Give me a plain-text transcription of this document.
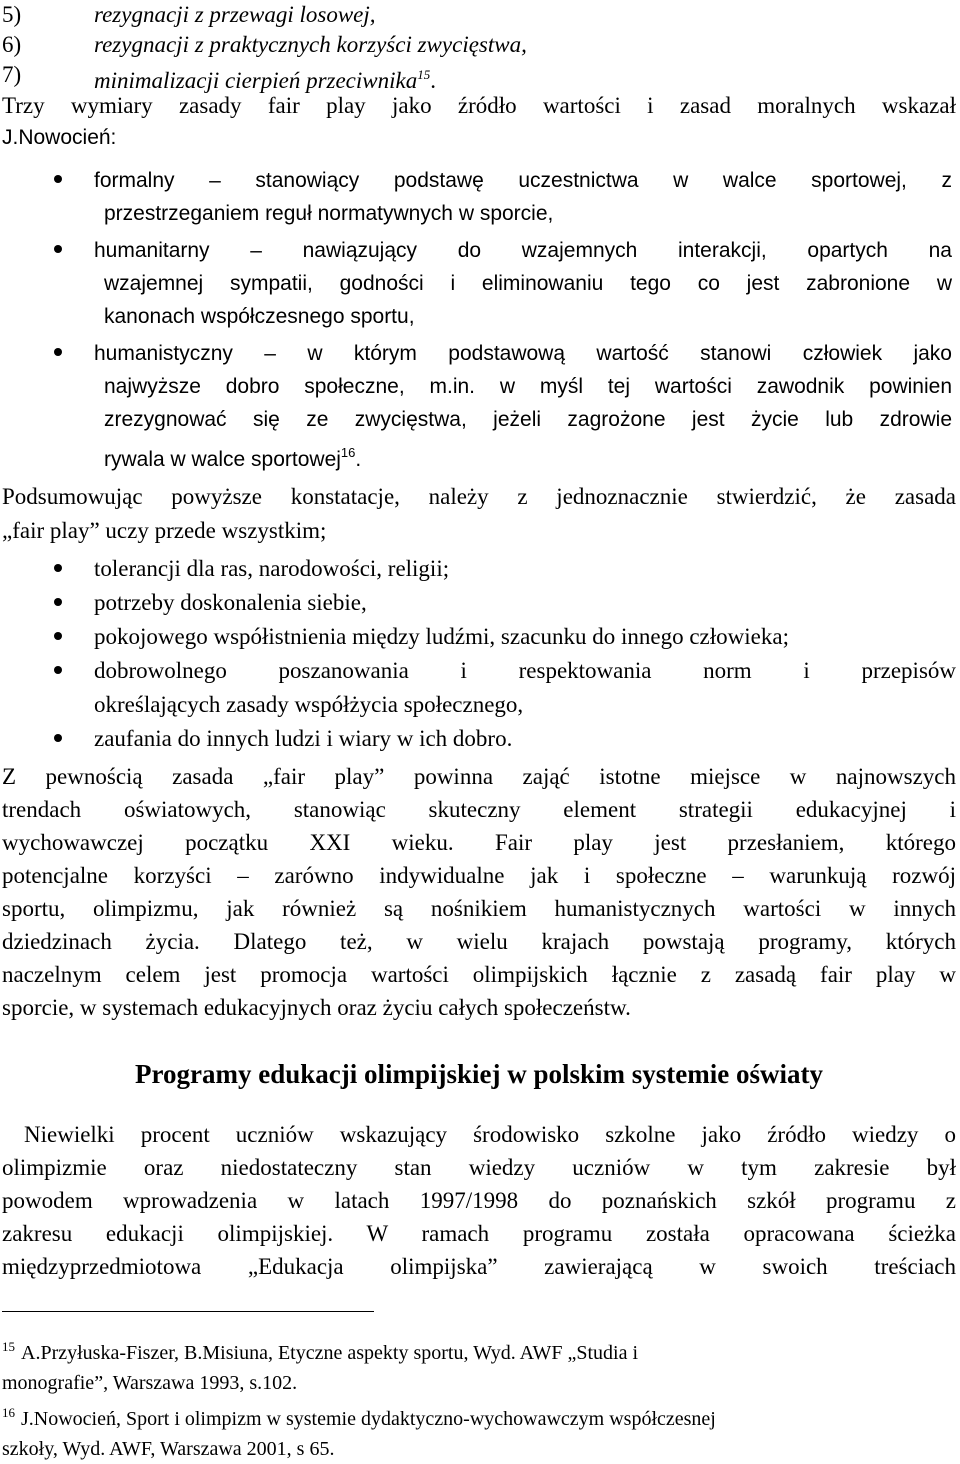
5)	rezygnacji z przewagi losowej,
6)	rezygnacji z praktycznych korzyści zwycięstwa,
7)	minimalizacji cierpień przeciwnika$^{15}$.

Trzy wymiary zasady fair play jako źródło wartości i zasad moralnych wskazał

J.Nowocień:

formalny – stanowiący podstawę uczestnictwa w walce sportowej, z

przestrzeganiem reguł normatywnych w sporcie,

humanitarny – nawiązujący do wzajemnych interakcji, opartych na

wzajemnej sympatii, godności i eliminowaniu tego co jest zabronione w

kanonach współczesnego sportu,

humanistyczny – w którym podstawową wartość stanowi człowiek jako

najwyższe dobro społeczne, m.in. w myśl tej wartości zawodnik powinien

zrezygnować się ze zwycięstwa, jeżeli zagrożone jest życie lub zdrowie

rywala w walce sportowej$^{16}$.

Podsumowując powyższe konstatacje, należy z jednoznacznie stwierdzić, że zasada

„fair play” uczy przede wszystkim;

tolerancji dla ras, narodowości, religii;

potrzeby doskonalenia siebie,

pokojowego współistnienia między ludźmi, szacunku do innego człowieka;

dobrowolnego poszanowania i respektowania norm i przepisów

określających zasady współżycia społecznego,

zaufania do innych ludzi i wiary w ich dobro.

Z pewnością zasada „fair play” powinna zająć istotne miejsce w najnowszych

trendach oświatowych, stanowiąc skuteczny element strategii edukacyjnej i

wychowawczej początku XXI wieku. Fair play jest przesłaniem, którego

potencjalne korzyści – zarówno indywidualne jak i społeczne – warunkują rozwój

sportu, olimpizmu, jak również są nośnikiem humanistycznych wartości w innych

dziedzinach życia. Dlatego też, w wielu krajach powstają programy, których

naczelnym celem jest promocja wartości olimpijskich łącznie z zasadą fair play w

sporcie, w systemach edukacyjnych oraz życiu całych społeczeństw.

Programy edukacji olimpijskiej w polskim systemie oświaty

Niewielki procent uczniów wskazujący środowisko szkolne jako źródło wiedzy o

olimpizmie oraz niedostateczny stan wiedzy uczniów w tym zakresie był

powodem wprowadzenia w latach 1997/1998 do poznańskich szkół programu z

zakresu edukacji olimpijskiej. W ramach programu została opracowana ścieżka

międzyprzedmiotowa „Edukacja olimpijska” zawierającą w swoich treściach

$^{15}$ A.Przyłuska-Fiszer, B.Misiuna, Etyczne aspekty sportu, Wyd. AWF „Studia i

monografie”, Warszawa 1993, s.102.

$^{16}$ J.Nowocień, Sport i olimpizm w systemie dydaktyczno-wychowawczym współczesnej

szkoły, Wyd. AWF, Warszawa 2001, s 65.
